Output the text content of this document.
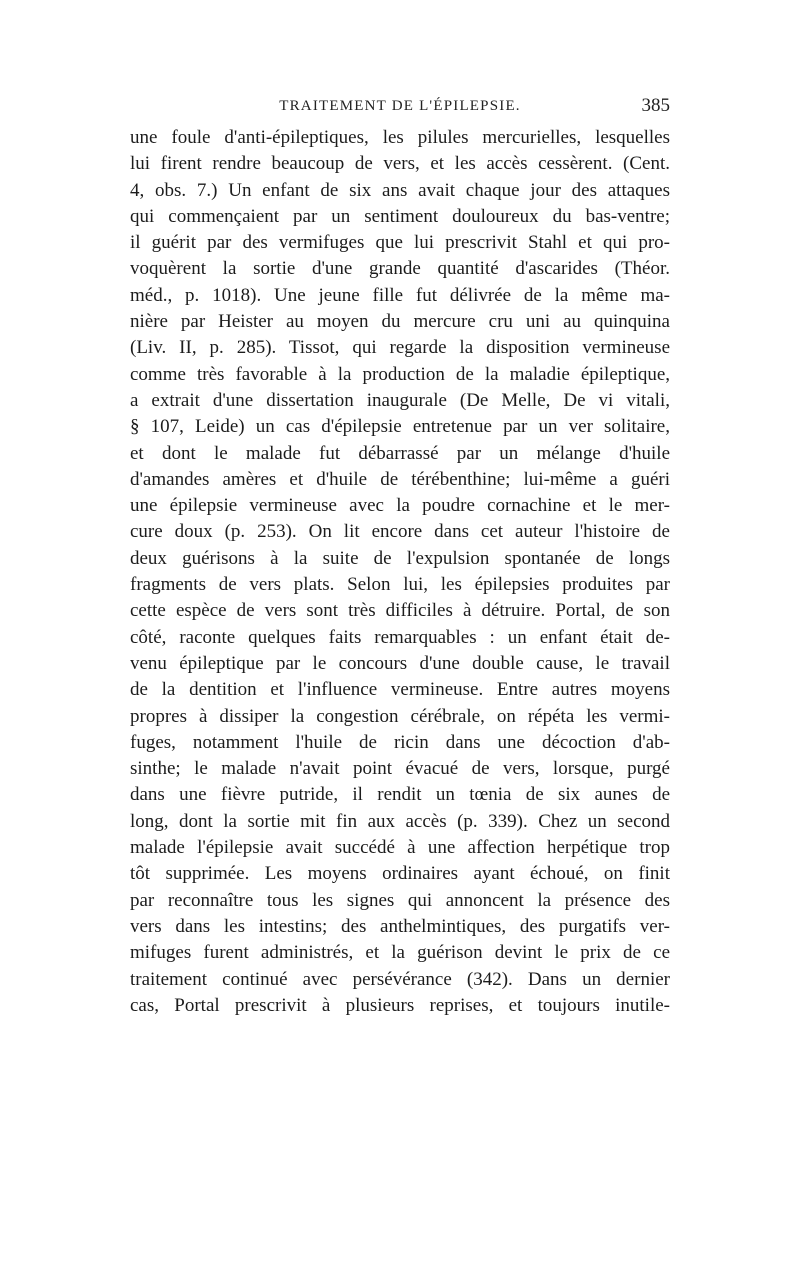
TRAITEMENT DE L'ÉPILEPSIE.	385
une foule d'anti-épileptiques, les pilules mercurielles, lesquelles
lui firent rendre beaucoup de vers, et les accès cessèrent. (Cent.
4, obs. 7.) Un enfant de six ans avait chaque jour des attaques
qui commençaient par un sentiment douloureux du bas-ventre;
il guérit par des vermifuges que lui prescrivit Stahl et qui pro-
voquèrent la sortie d'une grande quantité d'ascarides (Théor.
méd., p. 1018). Une jeune fille fut délivrée de la même ma-
nière par Heister au moyen du mercure cru uni au quinquina
(Liv. II, p. 285). Tissot, qui regarde la disposition vermineuse
comme très favorable à la production de la maladie épileptique,
a extrait d'une dissertation inaugurale (De Melle, De vi vitali,
§ 107, Leide) un cas d'épilepsie entretenue par un ver solitaire,
et dont le malade fut débarrassé par un mélange d'huile
d'amandes amères et d'huile de térébenthine; lui-même a guéri
une épilepsie vermineuse avec la poudre cornachine et le mer-
cure doux (p. 253). On lit encore dans cet auteur l'histoire de
deux guérisons à la suite de l'expulsion spontanée de longs
fragments de vers plats. Selon lui, les épilepsies produites par
cette espèce de vers sont très difficiles à détruire. Portal, de son
côté, raconte quelques faits remarquables : un enfant était de-
venu épileptique par le concours d'une double cause, le travail
de la dentition et l'influence vermineuse. Entre autres moyens
propres à dissiper la congestion cérébrale, on répéta les vermi-
fuges, notamment l'huile de ricin dans une décoction d'ab-
sinthe; le malade n'avait point évacué de vers, lorsque, purgé
dans une fièvre putride, il rendit un tœnia de six aunes de
long, dont la sortie mit fin aux accès (p. 339). Chez un second
malade l'épilepsie avait succédé à une affection herpétique trop
tôt supprimée. Les moyens ordinaires ayant échoué, on finit
par reconnaître tous les signes qui annoncent la présence des
vers dans les intestins; des anthelmintiques, des purgatifs ver-
mifuges furent administrés, et la guérison devint le prix de ce
traitement continué avec persévérance (342). Dans un dernier
cas, Portal prescrivit à plusieurs reprises, et toujours inutile-
